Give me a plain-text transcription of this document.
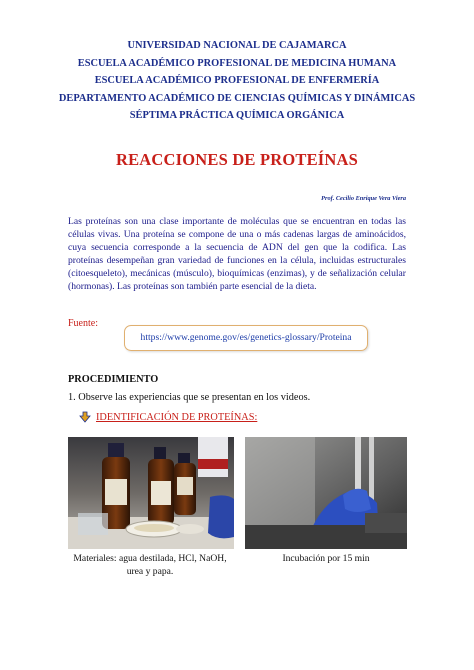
UNIVERSIDAD NACIONAL DE CAJAMARCA
ESCUELA ACADÉMICO PROFESIONAL DE MEDICINA HUMANA
ESCUELA ACADÉMICO PROFESIONAL DE ENFERMERÍA
DEPARTAMENTO ACADÉMICO DE CIENCIAS QUÍMICAS Y DINÁMICAS
SÉPTIMA PRÁCTICA QUÍMICA ORGÁNICA
REACCIONES DE PROTEÍNAS
Prof. Cecilio Enrique Vera Viera
Las proteínas son una clase importante de moléculas que se encuentran en todas las células vivas. Una proteína se compone de una o más cadenas largas de aminoácidos, cuya secuencia corresponde a la secuencia de ADN del gen que la codifica. Las proteínas desempeñan gran variedad de funciones en la célula, incluidas estructurales (citoesqueleto), mecánicas (músculo), bioquímicas (enzimas), y de señalización celular (hormonas). Las proteínas son también parte esencial de la dieta.
Fuente:
https://www.genome.gov/es/genetics-glossary/Proteina
PROCEDIMIENTO
1. Observe las experiencias que se presentan en los videos.
IDENTIFICACIÓN DE PROTEÍNAS:
Materiales: agua destilada, HCl, NaOH,
urea y papa.
Incubación por 15 min
